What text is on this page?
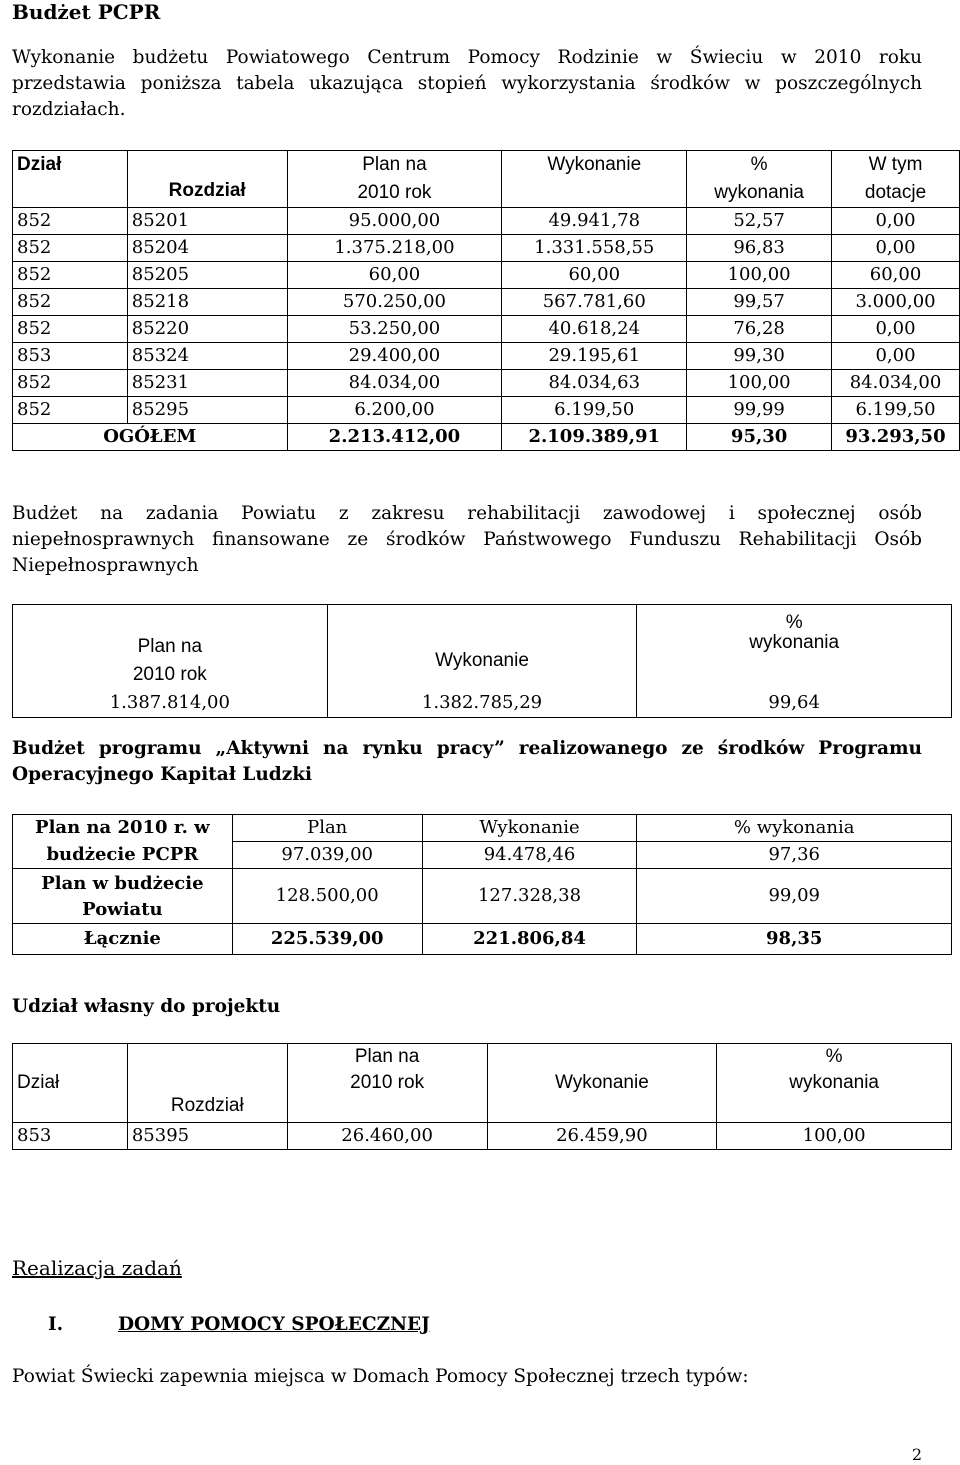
Budżet PCPR
Wykonanie budżetu Powiatowego Centrum Pomocy Rodzinie w Świeciu w 2010 roku przedstawia poniższa tabela ukazująca stopień wykorzystania środków w poszczególnych rozdziałach.
Dział	Rozdział	Plan na	Wykonanie	%	W tym
		2010 rok		wykonania	dotacje
852	85201	95.000,00	49.941,78	52,57	0,00
852	85204	1.375.218,00	1.331.558,55	96,83	0,00
852	85205	60,00	60,00	100,00	60,00
852	85218	570.250,00	567.781,60	99,57	3.000,00
852	85220	53.250,00	40.618,24	76,28	0,00
853	85324	29.400,00	29.195,61	99,30	0,00
852	85231	84.034,00	84.034,63	100,00	84.034,00
852	85295	6.200,00	6.199,50	99,99	6.199,50
OGÓŁEM		2.213.412,00	2.109.389,91	95,30	93.293,50
Budżet na zadania Powiatu z zakresu rehabilitacji zawodowej i społecznej osób niepełnosprawnych finansowane ze środków Państwowego Funduszu Rehabilitacji Osób Niepełnosprawnych
		%
Plan na	Wykonanie	wykonania
2010 rok		
1.387.814,00	1.382.785,29	99,64
Budżet programu „Aktywni na rynku pracy” realizowanego ze środków Programu Operacyjnego Kapitał Ludzki
Plan na 2010 r. w	Plan	Wykonanie	% wykonania
budżecie PCPR	97.039,00	94.478,46	97,36
Plan w budżecie	128.500,00	127.328,38	99,09
Powiatu			
Łącznie	225.539,00	221.806,84	98,35
Udział własny do projektu
		Plan na		%
Dział		2010 rok	Wykonanie	wykonania
	Rozdział			
853	85395	26.460,00	26.459,90	100,00
Realizacja zadań
I.	DOMY POMOCY SPOŁECZNEJ
Powiat Świecki zapewnia miejsca w Domach Pomocy Społecznej trzech typów:
2
